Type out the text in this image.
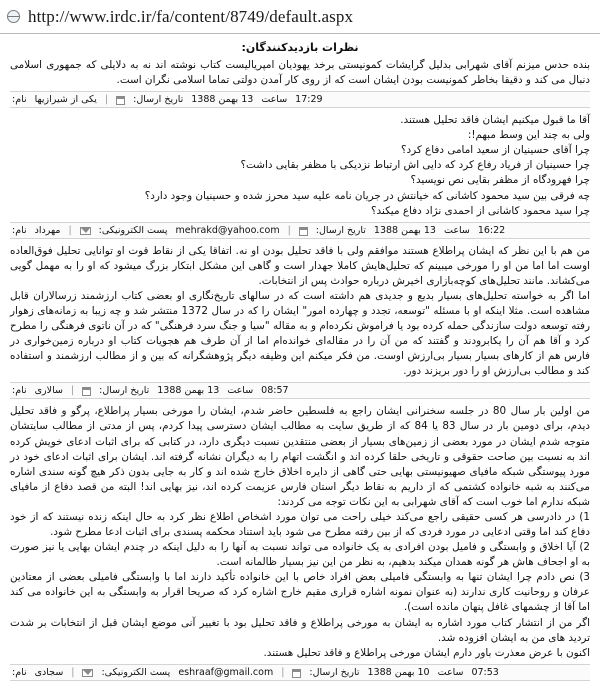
http://www.irdc.ir/fa/content/8749/default.aspx
نظرات بازدیدکنندگان:

بنده حدس میزنم آقای شهرابی بدلیل گرایشات کمونیستی برخد یهودیان امپریالیست کتاب نوشته اند نه به دلایلی که جمهوری اسلامی دنبال می کند و دقیقا بخاطر کمونیست بودن ایشان است که از روی کار آمدن دولتی تماما اسلامی نگران است.

نام: یکی از شیرازیها |	تاریخ ارسال: 13 بهمن 1388 ساعت 17:29

آقا ما قبول میکنیم ایشان فاقد تحلیل هستند.

ولی به چند این وسط مبهم!:

چرا آقای حسینیان از سعید امامی دفاع کرد؟

چرا حسینیان از فریاد رفاع کرد که دایی اش ارتباط نزدیکی با مظفر بقایی داشت؟

چرا فهرودگاه از مظفر بقایی نص نویسید؟

چه فرقی بین سید محمود کاشانی که خیانتش در جریان نامه علیه سید محرز شده و حسینیان وجود دارد؟

چرا سید محمود کاشانی از احمدی نژاد دفاع میکند؟

نام: مهرداد |	پست الکترونیکی: mehrakd@yahoo.com |	تاریخ ارسال: 13 بهمن 1388 ساعت 16:22

من هم با این نظر که ایشان پراطلاع هستند موافقم ولی با فاقد تحلیل بودن او نه. اتفاقا یکی از نقاط قوت او توانایی تحلیل فوق‌العاده اوست اما اما من او را مورخی میبینم که تحلیل‌هایش کاملا جهدار است و گاهی این مشکل ابتکار بزرگ میشود که او را به مهمل گویی می‌کشاند. مانند تحلیل‌های کوچه‌بازاری اخیرش درباره حوادث پس از انتخابات.

اما اگر به خواسته تحلیل‌های بسیار بدیع و جدیدی هم داشته است که در سالهای تاریخ‌نگاری او بعضی کتاب ارزشمند زرسالاران قابل مشاهده است. مثلا اینکه او با مسئله "توسعه، تجدد و چهارده امور" ایشان را که در سال 1372 منتشر شد و چه زیبا به زمانه‌های زهوار رفته توسعه دولت سازندگی حمله کرده بود یا فراموش نکرده‌ام و به مقاله "سیا و جنگ سرد فرهنگی" که در آن ناتوی فرهنگی را مطرح کرد و آقا هم آن را یکابرودند و گفتند که من آن را در مقاله‌ای خوانده‌ام اما از آن طرف هم هجویات کتاب او درباره زمین‌خواری در فارس هم از کارهای بسیار بسیار بی‌ارزش اوست. من فکر میکنم این وظیفه دیگر پژوهشگرانه که بین و از مطالب ارزشمند و استفاده کند و مطالب بی‌ارزش او را دور بریزند دور.

نام: سالاری |	تاریخ ارسال: 13 بهمن 1388 ساعت 08:57

من اولین بار سال 80 در جلسه سخنرانی ایشان راجع به فلسطین حاضر شدم، ایشان را مورخی بسیار پراطلاع، پرگو و فاقد تحلیل دیدم، برای دومین بار در سال 83 یا 84 که از طریق سایت به مطالب ایشان دسترسی پیدا کردم، پس از مدتی از مطالب سایتشان متوجه شدم ایشان در مورد بعضی از زمین‌های بسیار از بعضی منتقدین نسبت دیگری دارد، در کتابی که برای اثبات ادعای خویش کرده اند به نسبت بین صاحت حقوقی و تاریخی حلقا کرده اند و انگشت اتهام را به دیگران نشانه گرفته اند. ایشان برای اثبات ادعای خود در مورد پیوستگی شبکه مافیای صهیونیستی بهایی حتی گاهی از دایره اخلاق خارج شده اند و کار به جایی بدون ذکر هیچ گونه سندی اشاره می‌کنند به شبه خانواده کشتمی که از داریم به نقاط دیگر استان فارس عزیمت کرده اند، نیز بهایی اند! البته من قصد دفاع از مافیای شبکه ندارم اما خوب است که آقای شهرابی به این نکات توجه می کردند:

1) در دادرسی هر کسی حقیقی راجع می‌کند خیلی راحت می توان مورد اشخاص اطلاع نظر کرد به حال اینکه زنده نیستند که از خود دفاع کند اما وقتی ادعایی در مورد فردی که از بین رفته مطرح می شود باید استناد محکمه پسندی برای اثبات ادعا مطرح شود.

2) آیا اخلاق و وابستگی و فامیل بودن افرادی به یک خانواده می تواند نسبت به آنها را به دلیل اینکه در چندم ایشان بهایی یا نیز صورت به او اجحاف هاش هر گونه همدان میکند بدهیم، به نظر من این نیز بسیار ظالمانه است.

3) نص دادم چرا ایشان تنها به وابستگی فامیلی بعض افراد خاص با این خانواده تأکید دارند اما با وابستگی فامیلی بعضی از معتادین عرفان و روحانیت کاری ندارند (به عنوان نمونه اشاره قراری مقیم خارج اشاره کرد که صریحا اقرار به وابستگی به این خانواده می کند اما آقا از چشمهای غافل پنهان مانده است).

اگر من از انتشار کتاب مورد اشاره به ایشان به مورخی پراطلاع و فاقد تحلیل بود با تغییر آنی موضع ایشان قبل از انتخابات بر شدت تردید های من به ایشان افزوده شد.

اکنون با عرض معذرت باور دارم ایشان مورخی پراطلاع و فاقد تحلیل هستند.

نام: سجادی |	پست الکترونیکی: eshraaf@gmail.com |	تاریخ ارسال: 10 بهمن 1388 ساعت 07:53
